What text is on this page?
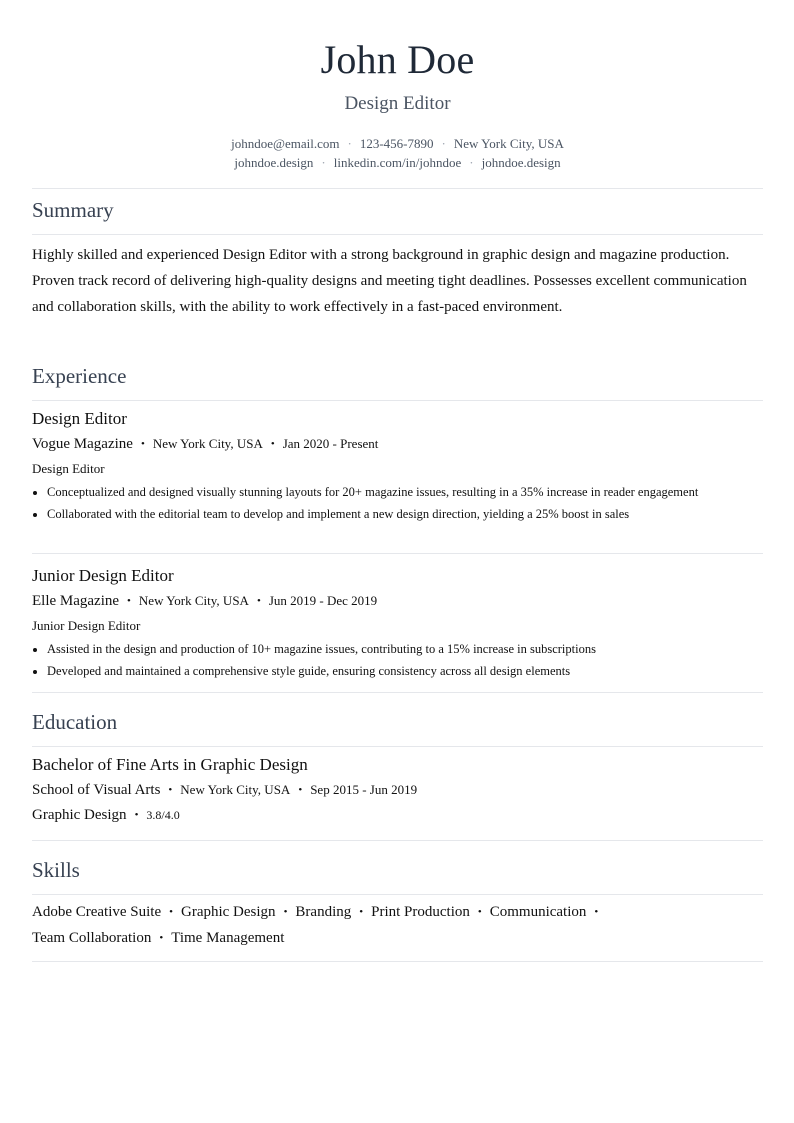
John Doe
Design Editor
johndoe@email.com · 123-456-7890 · New York City, USA
johndoe.design · linkedin.com/in/johndoe · johndoe.design
Summary
Highly skilled and experienced Design Editor with a strong background in graphic design and magazine production. Proven track record of delivering high-quality designs and meeting tight deadlines. Possesses excellent communication and collaboration skills, with the ability to work effectively in a fast-paced environment.
Experience
Design Editor
Vogue Magazine • New York City, USA • Jan 2020 - Present
Design Editor
Conceptualized and designed visually stunning layouts for 20+ magazine issues, resulting in a 35% increase in reader engagement
Collaborated with the editorial team to develop and implement a new design direction, yielding a 25% boost in sales
Junior Design Editor
Elle Magazine • New York City, USA • Jun 2019 - Dec 2019
Junior Design Editor
Assisted in the design and production of 10+ magazine issues, contributing to a 15% increase in subscriptions
Developed and maintained a comprehensive style guide, ensuring consistency across all design elements
Education
Bachelor of Fine Arts in Graphic Design
School of Visual Arts • New York City, USA • Sep 2015 - Jun 2019
Graphic Design • 3.8/4.0
Skills
Adobe Creative Suite • Graphic Design • Branding • Print Production • Communication •
Team Collaboration • Time Management
